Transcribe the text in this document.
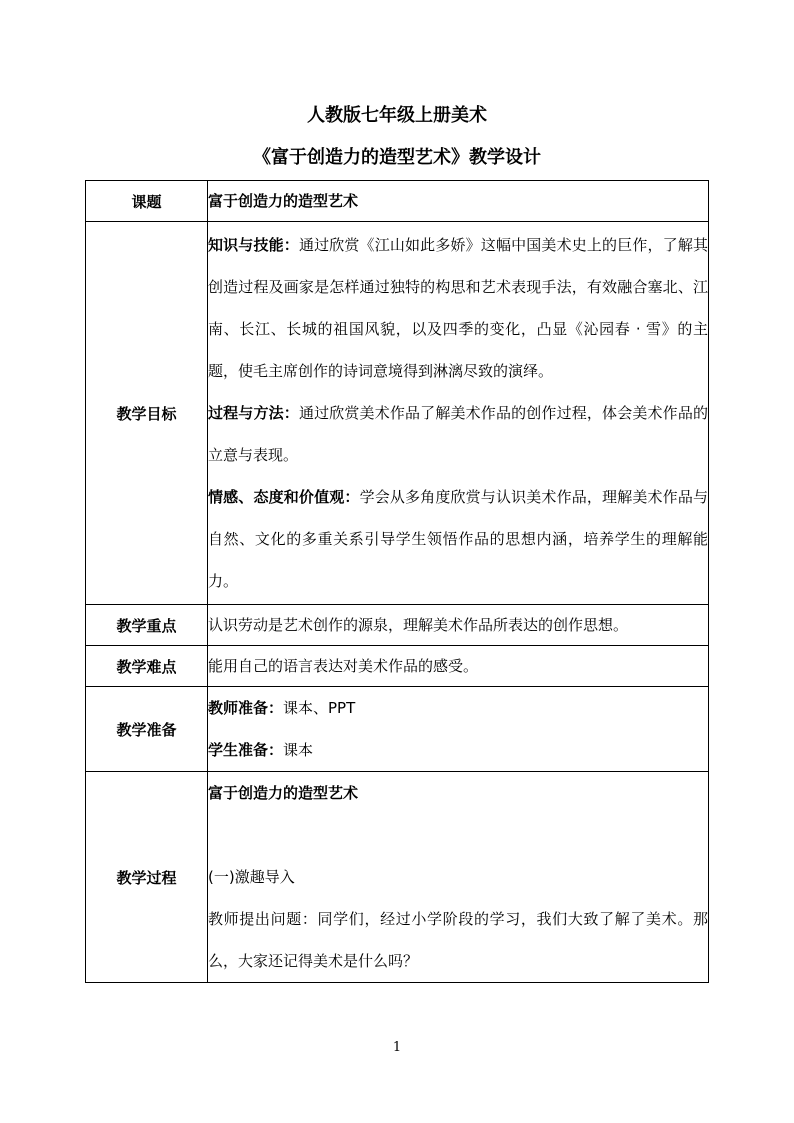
人教版七年级上册美术
《富于创造力的造型艺术》教学设计
课题	富于创造力的造型艺术

教学目标	知识与技能：通过欣赏《江山如此多娇》这幅中国美术史上的巨作，了解其创造过程及画家是怎样通过独特的构思和艺术表现手法，有效融合塞北、江南、长江、长城的祖国风貌，以及四季的变化，凸显《沁园春 · 雪》的主题，使毛主席创作的诗词意境得到淋漓尽致的演绎。
过程与方法：通过欣赏美术作品了解美术作品的创作过程，体会美术作品的立意与表现。
情感、态度和价值观：学会从多角度欣赏与认识美术作品，理解美术作品与自然、文化的多重关系引导学生领悟作品的思想内涵，培养学生的理解能力。

教学重点	认识劳动是艺术创作的源泉，理解美术作品所表达的创作思想。

教学难点	能用自己的语言表达对美术作品的感受。

教学准备	教师准备：课本、PPT
学生准备：课本

教学过程	富于创造力的造型艺术
(一)激趣导入
教师提出问题：同学们，经过小学阶段的学习，我们大致了解了美术。那么，大家还记得美术是什么吗？
1
